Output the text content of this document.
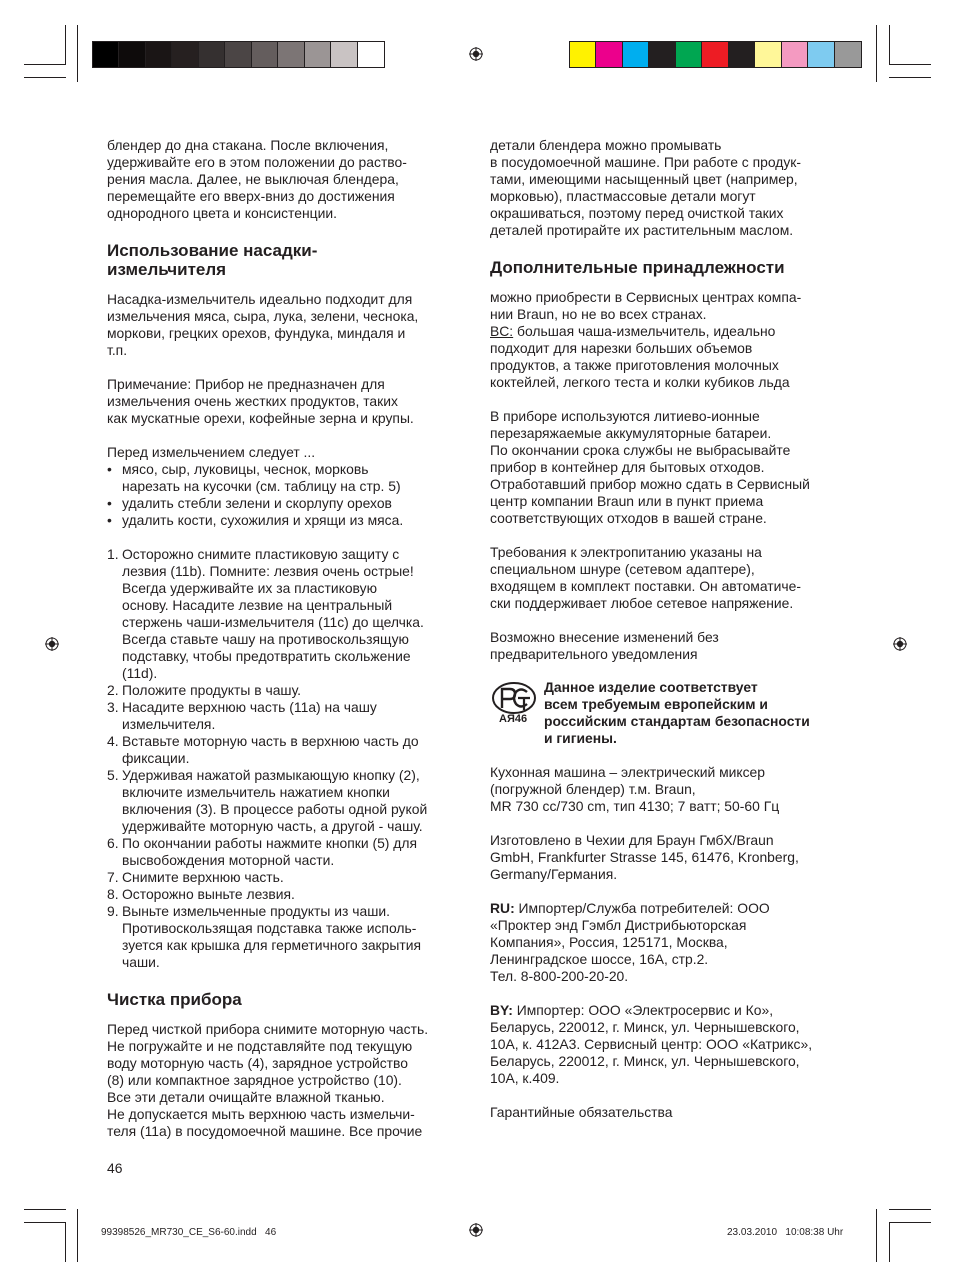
блендер до дна стакана. После включения,

удерживайте его в этом положении до раство-

рения масла. Далее, не выключая блендера,

перемещайте его вверх-вниз до достижения

однородного цвета и консистенции.

Использование насадки-
измельчителя

Насадка-измельчитель идеально подходит для

измельчения мяса, сыра, лука, зелени, чеснока,

моркови, грецких орехов, фундука, миндаля и

т.п.

Примечание: Прибор не предназначен для

измельчения очень жестких продуктов, таких

как мускатные орехи, кофейные зерна и крупы.

Перед измельчением следует ...

• мясо, сыр, луковицы, чеснок, морковь

нарезать на кусочки (см. таблицу на стр. 5)

• удалить стебли зелени и скорлупу орехов

• удалить кости, сухожилия и хрящи из мяса.

1. Осторожно снимите пластиковую защиту с

лезвия (11b). Помните: лезвия очень острые!

Всегда удерживайте их за пластиковую

основу. Насадите лезвие на центральный

стержень чаши-измельчителя (11c) до щелчка.

Всегда ставьте чашу на противоскользящую

подставку, чтобы предотвратить скольжение

(11d).

2. Положите продукты в чашу.

3. Насадите верхнюю часть (11a) на чашу

измельчителя.

4. Вставьте моторную часть в верхнюю часть до

фиксации.

5. Удерживая нажатой размыкающую кнопку (2),

включите измельчитель нажатием кнопки

включения (3). В процессе работы одной рукой

удерживайте моторную часть, а другой - чашу.

6. По окончании работы нажмите кнопки (5) для

высвобождения моторной части.

7. Снимите верхнюю часть.

8. Осторожно выньте лезвия.

9. Выньте измельченные продукты из чаши.

Противоскользящая подставка также исполь-

зуется как крышка для герметичного закрытия

чаши.

Чистка прибора

Перед чисткой прибора снимите моторную часть.

Не погружайте и не подставляйте под текущую

воду моторную часть (4), зарядное устройство

(8) или компактное зарядное устройство (10).

Все эти детали очищайте влажной тканью.

Не допускается мыть верхнюю часть измельчи-

теля (11a) в посудомоечной машине. Все прочие

46

детали блендера можно промывать

в посудомоечной машине. При работе с продук-

тами, имеющими насыщенный цвет (например,

морковью), пластмассовые детали могут

окрашиваться, поэтому перед очисткой таких

деталей протирайте их растительным маслом.

Дополнительные принадлежности

можно приобрести в Сервисных центрах компа-

нии Braun, но не во всех странах.

BC: большая чаша-измельчитель, идеально

подходит для нарезки больших объемов

продуктов, а также приготовления молочных

коктейлей, легкого теста и колки кубиков льда

В приборе используются литиево-ионные

перезаряжаемые аккумуляторные батареи.

По окончании срока службы не выбрасывайте

прибор в контейнер для бытовых отходов.

Отработавший прибор можно сдать в Сервисный

центр компании Braun или в пункт приема

соответствующих отходов в вашей стране.

Требования к электропитанию указаны на

специальном шнуре (сетевом адаптере),

входящем в комплект поставки. Он автоматиче-

ски поддерживает любое сетевое напряжение.

Возможно внесение изменений без

предварительного уведомления

АЯ46

Данное изделие соответствует

всем требуемым европейским и

российским стандартам безопасности

и гигиены.

Кухонная машина – электрический миксер

(погружной блендер) т.м. Braun,

MR 730 cc/730 cm, тип 4130; 7 ватт; 50-60 Гц

Изготовлено в Чехии для Браун ГмбХ/Braun

GmbH, Frankfurter Strasse 145, 61476, Kronberg,

Germany/Германия.

RU: Импортер/Служба потребителей: ООО

«Проктер энд Гэмбл Дистрибьюторская

Компания», Россия, 125171, Москва,

Ленинградское шоссе, 16А, стр.2.

Тел. 8-800-200-20-20.

BY: Импортер: ООО «Электросервис и Ко»,

Беларусь, 220012, г. Минск, ул. Чернышевского,

10А, к. 412А3. Сервисный центр: ООО «Катрикс»,

Беларусь, 220012, г. Минск, ул. Чернышевского,

10А, к.409.

Гарантийные обязательства

99398526_MR730_CE_S6-60.indd   46	23.03.2010   10:08:38 Uhr
